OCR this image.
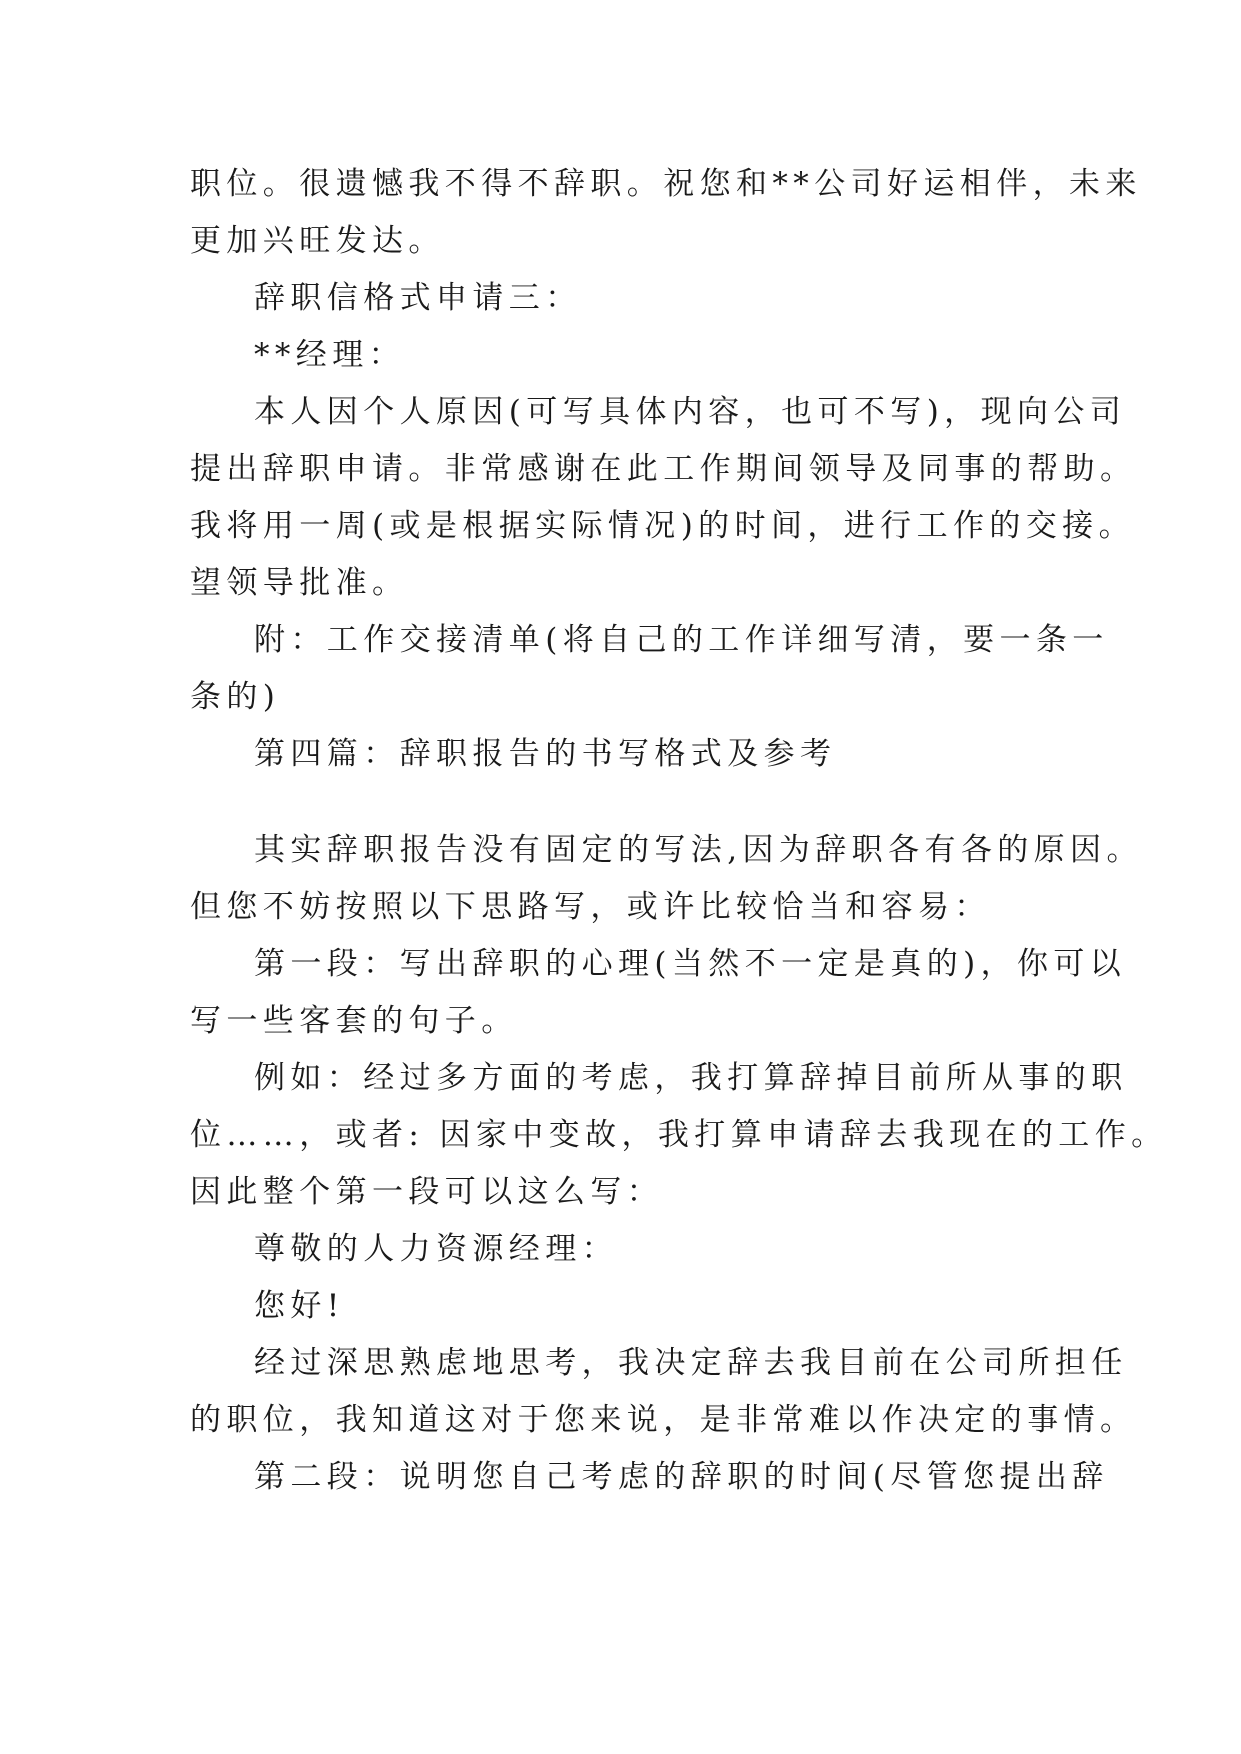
职位。很遗憾我不得不辞职。祝您和**公司好运相伴，未来

更加兴旺发达。

辞职信格式申请三：

**经理：

本人因个人原因(可写具体内容，也可不写)，现向公司

提出辞职申请。非常感谢在此工作期间领导及同事的帮助。

我将用一周(或是根据实际情况)的时间，进行工作的交接。

望领导批准。

附：工作交接清单(将自己的工作详细写清，要一条一

条的)

第四篇：辞职报告的书写格式及参考

其实辞职报告没有固定的写法,因为辞职各有各的原因。

但您不妨按照以下思路写，或许比较恰当和容易：

第一段：写出辞职的心理(当然不一定是真的)，你可以

写一些客套的句子。

例如：经过多方面的考虑，我打算辞掉目前所从事的职

位……，或者: 因家中变故，我打算申请辞去我现在的工作。

因此整个第一段可以这么写：

尊敬的人力资源经理：

您好!

经过深思熟虑地思考，我决定辞去我目前在公司所担任

的职位，我知道这对于您来说，是非常难以作决定的事情。

第二段：说明您自己考虑的辞职的时间(尽管您提出辞
